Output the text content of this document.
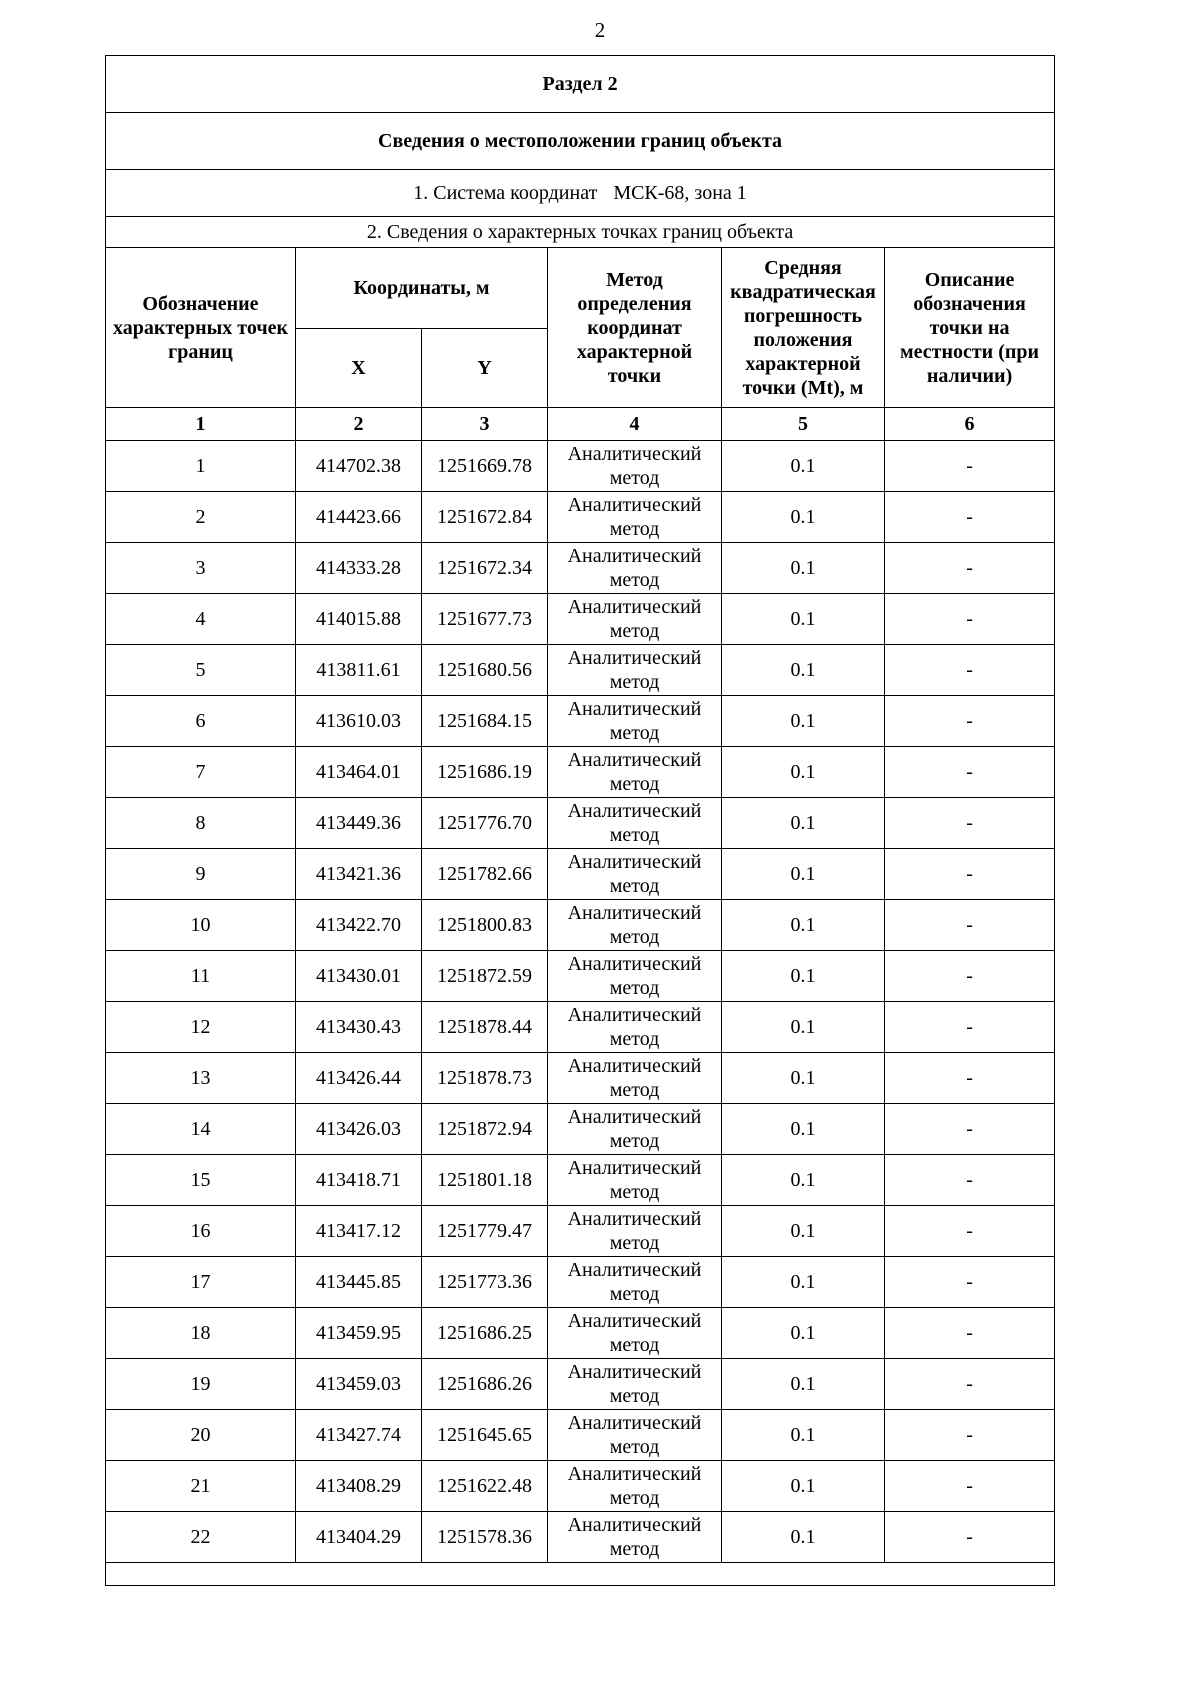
2
Раздел 2					
Сведения о местоположении границ объекта					
1. Система координат МСК-68, зона 1					
2. Сведения о характерных точках границ объекта					
Обозначение характерных точек границ	Координаты, м		Метод определения координат характерной точки	Средняя квадратическая погрешность положения характерной точки (Mt), м	Описание обозначения точки на местности (при наличии)
	X	Y			
1	2	3	4	5	6
1	414702.38	1251669.78	Аналитический метод	0.1	-
2	414423.66	1251672.84	Аналитический метод	0.1	-
3	414333.28	1251672.34	Аналитический метод	0.1	-
4	414015.88	1251677.73	Аналитический метод	0.1	-
5	413811.61	1251680.56	Аналитический метод	0.1	-
6	413610.03	1251684.15	Аналитический метод	0.1	-
7	413464.01	1251686.19	Аналитический метод	0.1	-
8	413449.36	1251776.70	Аналитический метод	0.1	-
9	413421.36	1251782.66	Аналитический метод	0.1	-
10	413422.70	1251800.83	Аналитический метод	0.1	-
11	413430.01	1251872.59	Аналитический метод	0.1	-
12	413430.43	1251878.44	Аналитический метод	0.1	-
13	413426.44	1251878.73	Аналитический метод	0.1	-
14	413426.03	1251872.94	Аналитический метод	0.1	-
15	413418.71	1251801.18	Аналитический метод	0.1	-
16	413417.12	1251779.47	Аналитический метод	0.1	-
17	413445.85	1251773.36	Аналитический метод	0.1	-
18	413459.95	1251686.25	Аналитический метод	0.1	-
19	413459.03	1251686.26	Аналитический метод	0.1	-
20	413427.74	1251645.65	Аналитический метод	0.1	-
21	413408.29	1251622.48	Аналитический метод	0.1	-
22	413404.29	1251578.36	Аналитический метод	0.1	-
